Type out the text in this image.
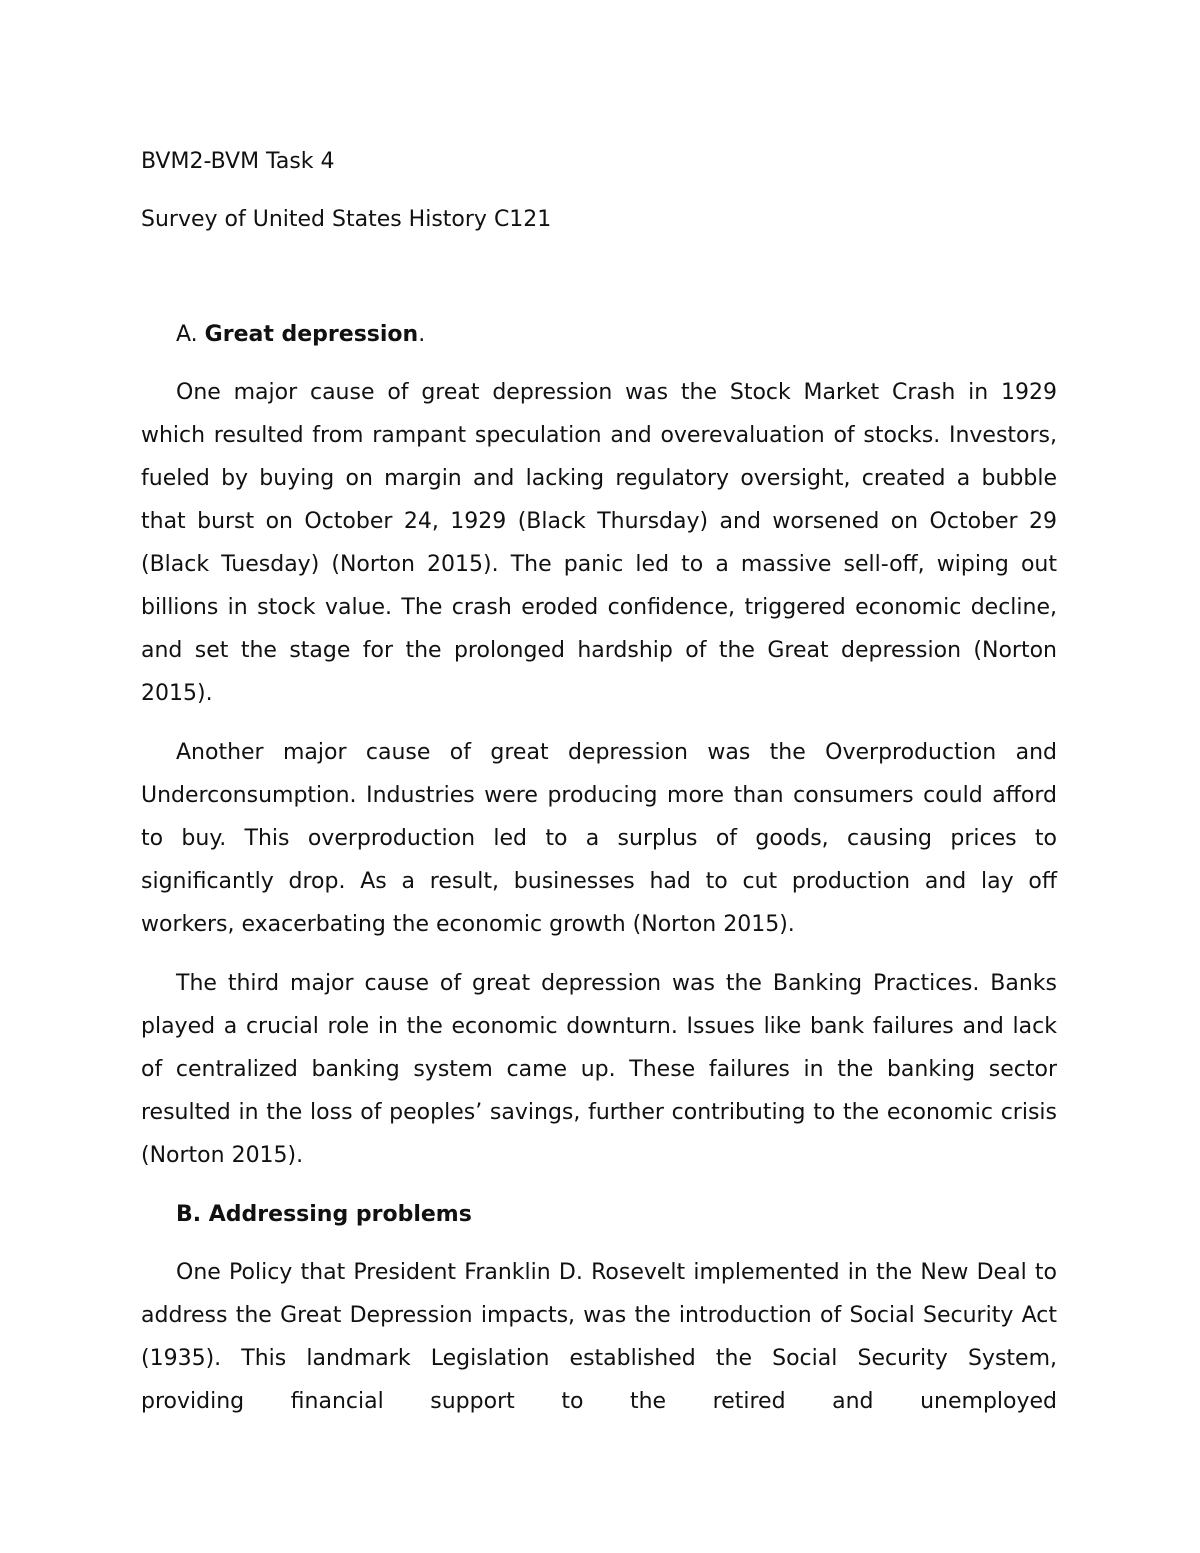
BVM2-BVM Task 4

Survey of United States History C121

A. Great depression.

One major cause of great depression was the Stock Market Crash in 1929 which resulted from rampant speculation and overevaluation of stocks. Investors, fueled by buying on margin and lacking regulatory oversight, created a bubble that burst on October 24, 1929 (Black Thursday) and worsened on October 29 (Black Tuesday) (Norton 2015). The panic led to a massive sell-off, wiping out billions in stock value. The crash eroded confidence, triggered economic decline, and set the stage for the prolonged hardship of the Great depression (Norton 2015).

Another major cause of great depression was the Overproduction and Underconsumption. Industries were producing more than consumers could afford to buy. This overproduction led to a surplus of goods, causing prices to significantly drop. As a result, businesses had to cut production and lay off workers, exacerbating the economic growth (Norton 2015).

The third major cause of great depression was the Banking Practices. Banks played a crucial role in the economic downturn. Issues like bank failures and lack of centralized banking system came up. These failures in the banking sector resulted in the loss of peoples’ savings, further contributing to the economic crisis (Norton 2015).

B. Addressing problems

One Policy that President Franklin D. Rosevelt implemented in the New Deal to address the Great Depression impacts, was the introduction of Social Security Act (1935). This landmark Legislation established the Social Security System, providing financial support to the retired and unemployed
